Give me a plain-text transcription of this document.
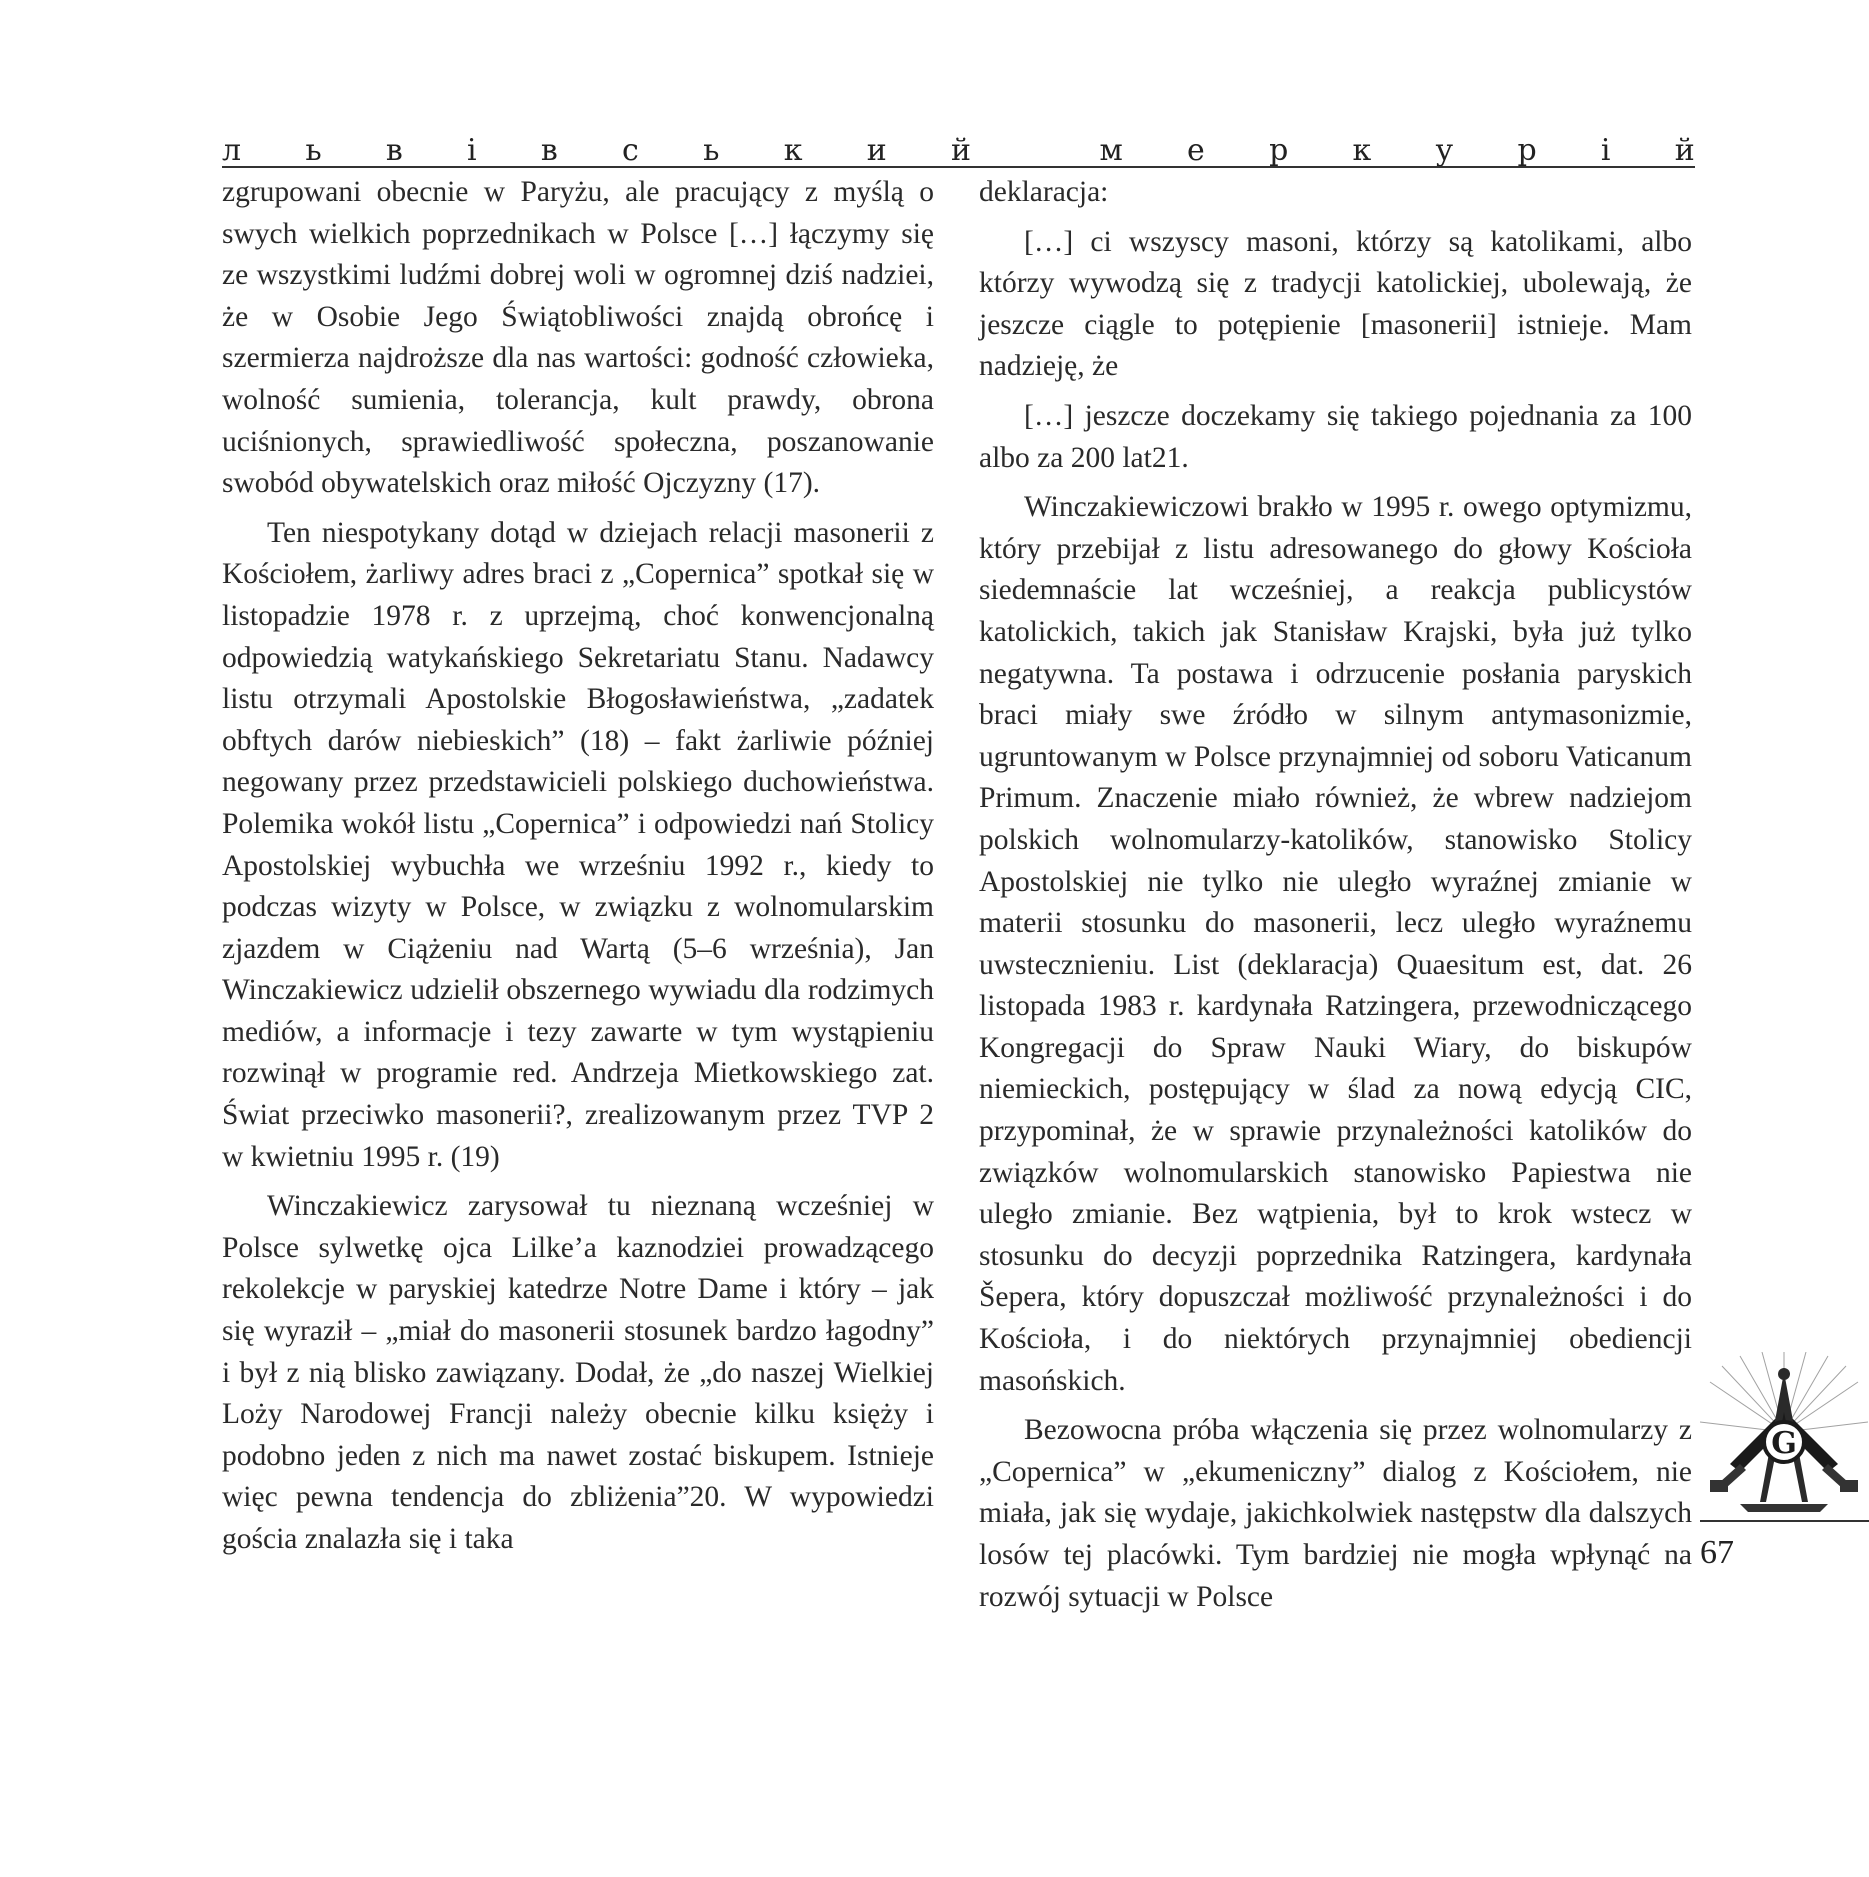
л ь в і в с ь к и й	м е р к у р і й

zgrupowani obecnie w Paryżu, ale pracujący z myślą o swych wielkich poprzednikach w Polsce […] łączymy się ze wszystkimi ludźmi dobrej woli w ogromnej dziś nadziei, że w Osobie Jego Świątobliwości znajdą obrońcę i szermierza najdroższe dla nas wartości: godność człowieka, wolność sumienia, tolerancja, kult prawdy, obrona uciśnionych, sprawiedliwość społeczna, poszanowanie swobód obywatelskich oraz miłość Ojczyzny (17).

Ten niespotykany dotąd w dziejach relacji masonerii z Kościołem, żarliwy adres braci z „Copernica” spotkał się w listopadzie 1978 r. z uprzejmą, choć konwencjonalną odpowiedzią watykańskiego Sekretariatu Stanu. Nadawcy listu otrzymali Apostolskie Błogosławieństwa, „zadatek obftych darów niebieskich” (18) – fakt żarliwie później negowany przez przedstawicieli polskiego duchowieństwa. Polemika wokół listu „Copernica” i odpowiedzi nań Stolicy Apostolskiej wybuchła we wrześniu 1992 r., kiedy to podczas wizyty w Polsce, w związku z wolnomularskim zjazdem w Ciążeniu nad Wartą (5–6 września), Jan Winczakiewicz udzielił obszernego wywiadu dla rodzimych mediów, a informacje i tezy zawarte w tym wystąpieniu rozwinął w programie red. Andrzeja Mietkowskiego zat. Świat przeciwko masonerii?, zrealizowanym przez TVP 2 w kwietniu 1995 r. (19)

Winczakiewicz zarysował tu nieznaną wcześniej w Polsce sylwetkę ojca Lilke’a kaznodziei prowadzącego rekolekcje w paryskiej katedrze Notre Dame i który – jak się wyraził – „miał do masonerii stosunek bardzo łagodny” i był z nią blisko zawiązany. Dodał, że „do naszej Wielkiej Loży Narodowej Francji należy obecnie kilku księży i podobno jeden z nich ma nawet zostać biskupem. Istnieje więc pewna tendencja do zbliżenia”20. W wypowiedzi gościa znalazła się i taka

deklaracja:

[…] ci wszyscy masoni, którzy są katolikami, albo którzy wywodzą się z tradycji katolickiej, ubolewają, że jeszcze ciągle to potępienie [masonerii] istnieje. Mam nadzieję, że

[…] jeszcze doczekamy się takiego pojednania za 100 albo za 200 lat21.

Winczakiewiczowi brakło w 1995 r. owego optymizmu, który przebijał z listu adresowanego do głowy Kościoła siedemnaście lat wcześniej, a reakcja publicystów katolickich, takich jak Stanisław Krajski, była już tylko negatywna. Ta postawa i odrzucenie posłania paryskich braci miały swe źródło w silnym antymasonizmie, ugruntowanym w Polsce przynajmniej od soboru Vaticanum Primum. Znaczenie miało również, że wbrew nadziejom polskich wolnomularzy-katolików, stanowisko Stolicy Apostolskiej nie tylko nie uległo wyraźnej zmianie w materii stosunku do masonerii, lecz uległo wyraźnemu uwstecznieniu. List (deklaracja) Quaesitum est, dat. 26 listopada 1983 r. kardynała Ratzingera, przewodniczącego Kongregacji do Spraw Nauki Wiary, do biskupów niemieckich, postępujący w ślad za nową edycją CIC, przypominał, że w sprawie przynależności katolików do związków wolnomularskich stanowisko Papiestwa nie uległo zmianie. Bez wątpienia, był to krok wstecz w stosunku do decyzji poprzednika Ratzingera, kardynała Šepera, który dopuszczał możliwość przynależności i do Kościoła, i do niektórych przynajmniej obediencji masońskich.

Bezowocna próba włączenia się przez wolnomularzy z „Copernica” w „ekumeniczny” dialog z Kościołem, nie miała, jak się wydaje, jakichkolwiek następstw dla dalszych losów tej placówki. Tym bardziej nie mogła wpłynąć na rozwój sytuacji w Polsce

G
67
